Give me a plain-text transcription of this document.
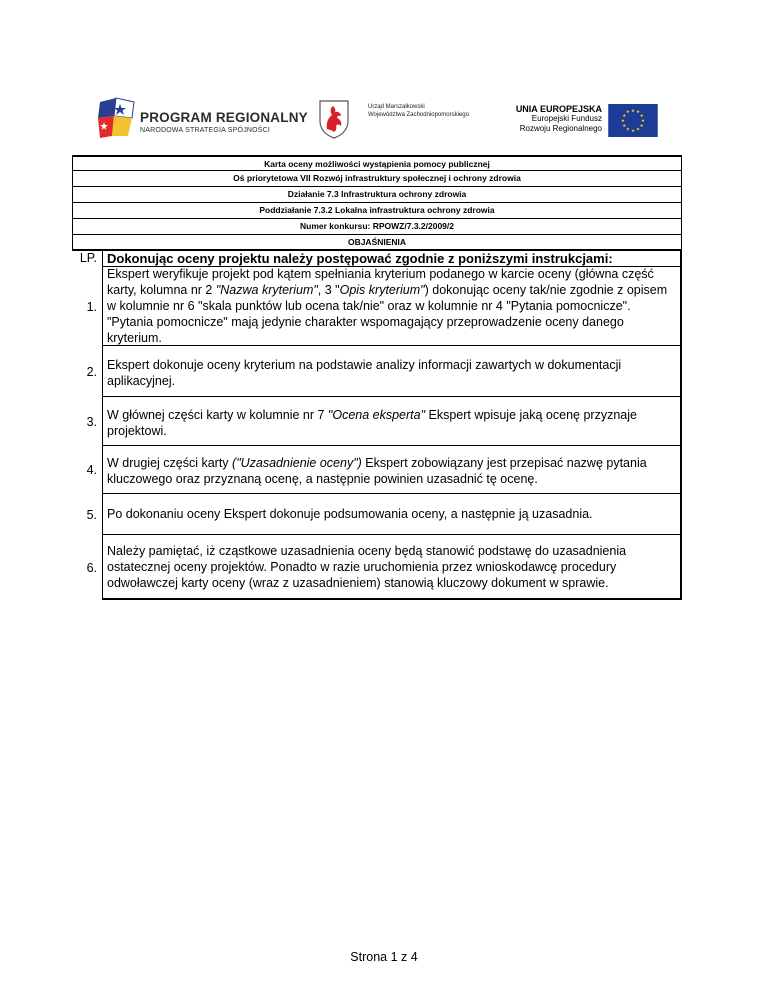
PROGRAM REGIONALNY
NARODOWA STRATEGIA SPÓJNOŚCI
Urząd Marszałkowski
Województwa Zachodniopomorskiego
UNIA EUROPEJSKA
Europejski Fundusz
Rozwoju Regionalnego
★ ★
★
★
★
★
★
★
★
★
★
★
Karta oceny możliwości wystąpienia pomocy publicznej
Oś priorytetowa VII Rozwój infrastruktury społecznej i ochrony zdrowia
Działanie 7.3 Infrastruktura ochrony zdrowia
Poddziałanie 7.3.2 Lokalna infrastruktura ochrony zdrowia
Numer konkursu: RPOWZ/7.3.2/2009/2
OBJAŚNIENIA
LP. Dokonując oceny projektu należy postępować zgodnie z poniższymi instrukcjami:
1.
Ekspert weryfikuje projekt pod kątem spełniania kryterium podanego w karcie oceny (główna część karty, kolumna nr 2 "Nazwa kryterium", 3 "Opis kryterium") dokonując oceny tak/nie zgodnie z opisem w kolumnie nr 6 "skala punktów lub ocena tak/nie" oraz w kolumnie nr 4 "Pytania pomocnicze". "Pytania pomocnicze" mają jedynie charakter wspomagający przeprowadzenie oceny danego kryterium.
2. Ekspert dokonuje oceny kryterium na podstawie analizy informacji zawartych w dokumentacji aplikacyjnej.
3. W głównej części karty w kolumnie nr 7 "Ocena eksperta" Ekspert wpisuje jaką ocenę przyznaje projektowi.
4. W drugiej części karty ("Uzasadnienie oceny") Ekspert zobowiązany jest przepisać nazwę pytania kluczowego oraz przyznaną ocenę, a następnie powinien uzasadnić tę ocenę.
5. Po dokonaniu oceny Ekspert dokonuje podsumowania oceny, a następnie ją uzasadnia.
6.
Należy pamiętać, iż cząstkowe uzasadnienia oceny będą stanowić podstawę do uzasadnienia ostatecznej oceny projektów. Ponadto w razie uruchomienia przez wnioskodawcę procedury odwoławczej karty oceny (wraz z uzasadnieniem) stanowią kluczowy dokument w sprawie.
Strona 1 z 4
